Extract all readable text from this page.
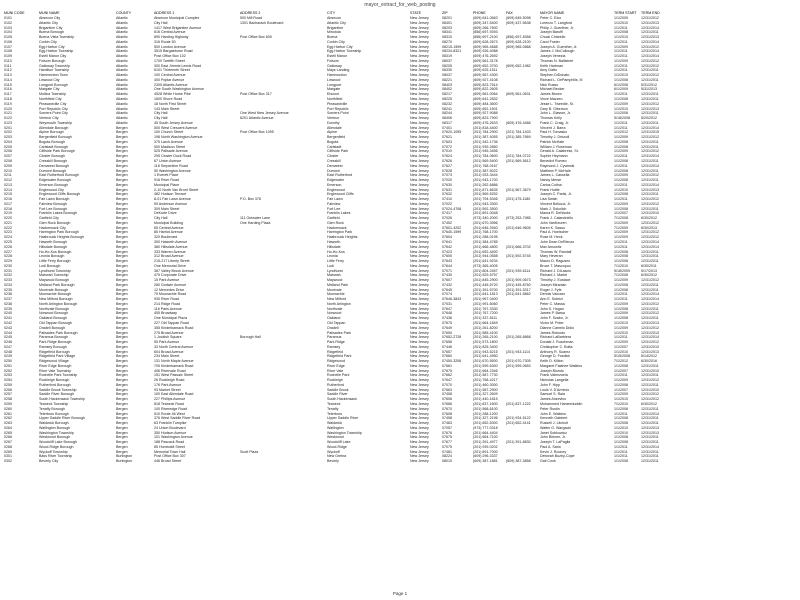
mayor_extract_for_web_posting
MUNI CODE	MUNI NAME	COUNTY	ADDRESS 1	ADDRESS 2	CITY	STATE	ZIP	PHONE	FAX	MAYOR NAME	TERM START	TERM END
0101	Absecon City	Atlantic	Absecon Municipal Complex	500 Mill Road	Absecon	New Jersey	08201	(609) 641-0663	(609) 645-5098	Peter C. Elco	1/1/2005	12/31/2012
0102	Atlantic City	Atlantic	City Hall	1301 Bacharach Boulevard	Atlantic City	New Jersey	08401	(609) 347-5400	(609) 437-5638	Lorenzo T. Langford	1/1/2010	12/31/2013
0103	Brigantine City	Atlantic	1417 West Brigantine Avenue		Brigantine	New Jersey	08203	(609) 266-7600		Philip J. Guenther, Jr.	1/1/2011	12/31/2014
0104	Buena Borough	Atlantic	616 Central Avenue		Minotola	New Jersey	08341	(856) 697-9393		Joseph Baruffi	1/1/2008	12/31/2011
0105	Buena Vista Township	Atlantic	890 Harding Highway	Post Office Box 605	Buena	New Jersey	08310	(856) 697-2100	(856) 697-8358	Chuck Chiarello	1/1/2010	12/31/2013
0106	Corbin City	Atlantic	316 Route 50		Corbin City	New Jersey	08270	(609) 628-2673	(609) 628-2100	Carol Foster	1/1/2011	12/31/2014
0107	Egg Harbor City	Atlantic	500 London Avenue		Egg Harbor City	New Jersey	08215-1599	(609) 965-4688	(609) 965-0868	Joseph A. Guenther, Jr.	1/1/2009	12/31/2012
0108	Egg Harbor Township	Atlantic	3515 Bargaintown Road		Egg Harbor Township	New Jersey	08234-8321	(609) 926-4088		James J. McCullough	1/1/2011	12/31/2014
0109	Estell Manor City	Atlantic	Post Office Box 102		Estell Manor	New Jersey	08319	(609) 476-2692		Joseph Venezia	1/1/2011	12/31/2014
0110	Folsom Borough	Atlantic	1700 Twelfth Street		Folsom	New Jersey	08037	(609) 561-3178		Thomas N. Ballistreri	1/1/2009	12/31/2012
0111	Galloway Township	Atlantic	300 East Jimmie Leeds Road		Galloway	New Jersey	08205	(609) 652-3700	(609) 652-1982	Keith Hartman	1/1/2011	12/31/2012
0112	Hamilton Township	Atlantic	6101 Thirteenth Street		Mays Landing	New Jersey	08330	(609) 625-1511		Amy Gatto	1/1/2011	12/31/2011
0113	Hammonton Town	Atlantic	100 Central Avenue		Hammonton	New Jersey	08037	(609) 567-4300		Stephen DiDonato	1/1/2010	12/31/2012
0114	Linwood City	Atlantic	400 Poplar Avenue		Linwood	New Jersey	08221	(609) 927-4108		Richard L. DePamphilis, III	1/1/2008	12/31/2011
0115	Longport Borough	Atlantic	2305 Atlantic Avenue		Longport	New Jersey	08403	(609) 823-7514		Nick Russo	6/1/2008	5/31/2012
0116	Margate City	Atlantic	One South Washington Avenue		Margate	New Jersey	08402	(609) 822-2605		Michael Becker	6/1/2009	5/31/2013
0117	Mullica Township	Atlantic	4528 White Horse Pike	Post Office Box 317	Elwood	New Jersey	08217	(609) 561-0064	(609) 561-0631	James Brown	1/1/2011	12/31/2011
0118	Northfield City	Atlantic	1600 Shore Road		Northfield	New Jersey	08225	(609) 641-2832		Vince Mazzeo	1/1/2008	12/31/2011
0119	Pleasantville City	Atlantic	18 North First Street		Pleasantville	New Jersey	08232	(609) 484-3600		Jesse L. Tweedle, Sr.	1/1/2009	12/31/2012
0120	Port Republic City	Atlantic	143 Main Street		Port Republic	New Jersey	08241	(609) 652-1501		Gary B. Giberson	1/1/2010	12/31/2013
0121	Somers Point City	Atlantic	City Hall	One West New Jersey Avenue	Somers Point	New Jersey	08244	(609) 927-9088		John L. Glasser, Jr.	1/1/2008	12/31/2011
0122	Ventnor City	Atlantic	City Hall	6201 Atlantic Avenue	Ventnor	New Jersey	08406	(609) 823-7900		Thomas Kelly	5/18/2008	5/20/2012
0123	Weymouth Township	Atlantic	45 South Jersey Avenue		Dorothy	New Jersey	08317	(609) 476-2633	(609) 476-4466	Frank C. Craig, Jr.	1/1/2011	12/31/2011
0201	Allendale Borough	Bergen	500 West Crescent Avenue		Allendale	New Jersey	07401	(201) 818-4400		Vincent J. Barra	1/1/2011	12/31/2014
0202	Alpine Borough	Bergen	100 Church Street	Post Office Box 1095	Alpine	New Jersey	07620-1095	(201) 784-2900	(201) 784-1403	Paul H. Tomasko	1/1/2012	12/31/2015
0203	Bergenfield Borough	Bergen	198 North Washington Avenue		Bergenfield	New Jersey	07621	(201) 387-4055	(201) 385-7669	Timothy J. Driscoll	1/1/2009	12/31/2012
0204	Bogota Borough	Bergen	375 Larch Avenue		Bogota	New Jersey	07603	(201) 342-1736		Patrick McHale	1/1/2008	12/31/2011
0205	Carlstadt Borough	Bergen	500 Madison Street		Carlstadt	New Jersey	07072	(201) 939-2850		William J. Roseman	1/1/2008	12/31/2011
0206	Cliffside Park Borough	Bergen	525 Palisade Avenue		Cliffside Park	New Jersey	07010	(201) 945-3456		Gerald A. Calabrese, Sr.	1/1/2009	12/31/2012
0207	Closter Borough	Bergen	295 Closter Dock Road		Closter	New Jersey	07624	(201) 784-0600	(201) 784-0722	Sophie Heymann	1/1/2011	12/31/2014
0208	Cresskill Borough	Bergen	67 Union Avenue		Cresskill	New Jersey	07626	(201) 569-5400	(201) 569-5612	Benedict Romeo	1/1/2008	12/31/2011
0209	Demarest Borough	Bergen	118 Serpentine Road		Demarest	New Jersey	07627	(201) 768-0167		Raymond J. Cywinski	1/1/2011	12/31/2014
0210	Dumont Borough	Bergen	50 Washington Avenue		Dumont	New Jersey	07628	(201) 387-5022		Matthew P. McHale	1/1/2008	12/31/2011
0211	East Rutherford Borough	Bergen	1 Everett Place		East Rutherford	New Jersey	07073	(201) 933-3444		James L. Cassella	1/1/2009	12/31/2012
0212	Edgewater Borough	Bergen	916 River Road		Edgewater	New Jersey	07020	(201) 943-1700		Nancy Merse	1/1/2008	12/31/2011
0213	Emerson Borough	Bergen	Municipal Place		Emerson	New Jersey	07630	(201) 262-6886		Carlos Colina	1/1/2011	12/31/2014
0214	Englewood City	Bergen	2-10 North Van Brunt Street		Englewood	New Jersey	07631	(201) 871-6635	(201) 567-3679	Frank Huttle	1/1/2010	12/31/2013
0215	Englewood Cliffs Borough	Bergen	482 Hudson Terrace		Englewood Cliffs	New Jersey	07632	(201) 569-5252		Joseph C. Parisi, Jr.	1/1/2008	12/31/2011
0216	Fair Lawn Borough	Bergen	8-01 Fair Lawn Avenue	P.O. Box 378	Fair Lawn	New Jersey	07410	(201) 794-5346	(201) 475-1180	Lisa Swain	1/1/2011	12/31/2012
0217	Fairview Borough	Bergen	59 Anderson Avenue		Fairview	New Jersey	07022	(201) 943-3300		Vincent Bellucci, Jr.	1/1/2009	12/31/2012
0218	Fort Lee Borough	Bergen	309 Main Street		Fort Lee	New Jersey	07024-4708	(201) 592-3500		Mark J. Sokolich	1/1/2008	12/31/2011
0219	Franklin Lakes Borough	Bergen	DeKorte Drive		Franklin Lakes	New Jersey	07417	(201) 891-0048		Maura R. DeNicola	1/1/2007	12/31/2010
0220	Garfield City	Bergen	City Hall	111 Outwater Lane	Garfield	New Jersey	07026	(973) 340-2000	(973) 253-7985	Frank J. Calandriello	7/1/2008	6/30/2012
0221	Glen Rock Borough	Bergen	Municipal Building	One Harding Plaza	Glen Rock	New Jersey	07452	(201) 670-3956		John VanKeuren	1/1/2009	12/31/2012
0222	Hackensack City	Bergen	65 Central Avenue		Hackensack	New Jersey	07601-4202	(201) 646-3940	(201) 646-9605	Karen K. Sasso	7/1/2009	6/30/2013
0223	Harrington Park Borough	Bergen	85 Harriot Avenue		Harrington Park	New Jersey	07640-1599	(201) 768-1700		Paul A. Hoelscher	1/1/2009	12/31/2012
0224	Hasbrouck Heights Borough	Bergen	320 Boulevard		Hasbrouck Heights	New Jersey	07604	(201) 288-0195		Rose M. Heck	1/1/2009	12/31/2012
0225	Haworth Borough	Bergen	300 Haworth Avenue		Haworth	New Jersey	07641	(201) 384-4785		John Dean DeRienzo	1/1/2011	12/31/2014
0226	Hillsdale Borough	Bergen	380 Hillsdale Avenue		Hillsdale	New Jersey	07642	(201) 666-4800	(201) 666-3702	Max Arnowitz	1/1/2011	12/31/2014
0227	Ho-Ho-Kus Borough	Bergen	333 Warren Avenue		Ho-Ho-Kus	New Jersey	07423	(201) 652-4400		Thomas W. Randall	1/1/2008	12/31/2011
0228	Leonia Borough	Bergen	312 Broad Avenue		Leonia	New Jersey	07605	(201) 944-0558	(201) 592-5745	Mary Heveran	1/1/2008	12/31/2011
0229	Little Ferry Borough	Bergen	215-217 Liberty Street		Little Ferry	New Jersey	07643	(201) 641-9234		Mauro D. Raguseo	1/1/2008	12/31/2011
0230	Lodi Borough	Bergen	One Memorial Drive		Lodi	New Jersey	07644	(973) 365-4005		Bruce T. Mascopoo	7/1/2010	6/30/2011
0231	Lyndhurst Township	Bergen	367 Valley Brook Avenue		Lyndhurst	New Jersey	07071	(201) 804-2457	(201) 939-6114	Richard J. DiLascio	5/18/2009	5/17/2013
0232	Mahwah Township	Bergen	475 Corporate Drive		Mahwah	New Jersey	07430	(201) 529-5757		Richard J. Martel	7/1/2008	6/30/2012
0233	Maywood Borough	Bergen	15 Park Avenue		Maywood	New Jersey	07607	(201) 845-2900	(201) 909-0673	Timothy J. Eustace	1/1/2009	12/31/2012
0234	Midland Park Borough	Bergen	280 Godwin Avenue		Midland Park	New Jersey	07432	(201) 445-5720	(201) 445-8760	Joseph Miranian	1/1/2008	12/31/2011
0235	Montvale Borough	Bergen	12 Mercedes Drive		Montvale	New Jersey	07645	(201) 391-5700	(201) 391-5317	Roger J. Fyfe	1/1/2008	12/31/2011
0236	Moonachie Borough	Bergen	70 Moonachie Road		Moonachie	New Jersey	07074	(201) 641-1813	(201) 641-5862	Dennis Vaccaro	1/1/2011	12/31/2014
0237	New Milford Borough	Bergen	930 River Road		New Milford	New Jersey	07646-3843	(201) 967-0400		Ann E. Subrizi	1/1/2011	12/31/2014
0238	North Arlington Borough	Bergen	214 Ridge Road		North Arlington	New Jersey	07031	(201) 991-6060		Peter C. Massa	1/1/2009	12/31/2012
0239	Northvale Borough	Bergen	116 Paris Avenue		Northvale	New Jersey	07647	(201) 767-3330		John S. Hogan	1/1/2008	12/31/2011
0240	Norwood Borough	Bergen	455 Broadway		Norwood	New Jersey	07648	(201) 767-7200		James P. Barsa	1/1/2009	12/31/2012
0241	Oakland Borough	Bergen	One Municipal Plaza		Oakland	New Jersey	07436	(201) 337-8111		John F. Szabo, Jr.	1/1/2008	12/31/2011
0242	Old Tappan Borough	Bergen	227 Old Tappan Road		Old Tappan	New Jersey	07675	(201) 664-1849		Victor M. Poter	1/1/2010	12/31/2013
0243	Oradell Borough	Bergen	355 Kinderkamack Road		Oradell	New Jersey	07649	(201) 261-8200		Dianne Camelo Didio	1/1/2009	12/31/2012
0244	Palisades Park Borough	Bergen	275 Broad Avenue		Palisades Park	New Jersey	07650	(201) 585-4100		James Rotundo	1/1/2010	12/31/2013
0245	Paramus Borough	Bergen	1 Jockish Square	Borough Hall	Paramus	New Jersey	07652-2728	(201) 265-2100	(201) 265-6868	Richard LaBarbiera	1/1/2011	12/31/2014
0246	Park Ridge Borough	Bergen	55 Park Avenue		Park Ridge	New Jersey	07656	(201) 573-1800		Donald J. Ruschman	1/1/2009	12/31/2012
0247	Ramsey Borough	Bergen	33 North Central Avenue		Ramsey	New Jersey	07446	(201) 825-3400		Christopher C. Botta	1/1/2007	12/31/2010
0248	Ridgefield Borough	Bergen	604 Broad Avenue		Ridgefield	New Jersey	07657	(201) 943-5215	(201) 943-1114	Anthony R. Suarez	1/1/2010	12/31/2013
0249	Ridgefield Park Village	Bergen	234 Main Street		Ridgefield Park	New Jersey	07660	(201) 641-4950		George D. Fosdick	5/15/2008	5/14/2012
0250	Ridgewood Village	Bergen	131 North Maple Avenue		Ridgewood	New Jersey	07450-3206	(201) 670-5500	(201) 670-7305	Keith D. Killion	7/1/2012	6/30/2016
0251	River Edge Borough	Bergen	705 Kinderkamack Road		River Edge	New Jersey	07661	(201) 599-6300	(201) 599-0653	Margaret Falahee Watkins	1/1/2008	12/31/2011
0252	River Vale Township	Bergen	406 Rivervale Road		River Vale	New Jersey	07675	(201) 664-2346		Joseph Blundo	1/1/2007	12/31/2010
0253	Rochelle Park Township	Bergen	151 West Passaic Street		Rochelle Park	New Jersey	07662	(201) 587-7730		Frank Valenzuela	1/1/2011	12/31/2011
0254	Rockleigh Borough	Bergen	26 Rockleigh Road		Rockleigh	New Jersey	07647	(201) 768-4217		Nicholas Langella	1/1/2009	12/31/2012
0255	Rutherford Borough	Bergen	176 Park Avenue		Rutherford	New Jersey	07070	(201) 460-3000		John F. Hipp	1/1/2008	12/31/2011
0256	Saddle Brook Township	Bergen	93 Market Street		Saddle Brook	New Jersey	07663	(201) 587-2900		Louis V. D'Arminio	1/1/2007	12/31/2010
0257	Saddle River Borough	Bergen	100 East Allendale Road		Saddle River	New Jersey	07458	(201) 327-2609		Samuel S. Raia	1/1/2009	12/31/2012
0258	South Hackensack Township	Bergen	227 Phillips Avenue		South Hackensack	New Jersey	07606	(201) 440-1815		James Anzevino	1/1/2010	12/31/2012
0259	Teaneck Township	Bergen	818 Teaneck Road		Teaneck	New Jersey	07666	(201) 837-1600	(201) 837-1222	Mohammed Hameeduddin	7/1/2010	6/30/2012
0260	Tenafly Borough	Bergen	100 Riveredge Road		Tenafly	New Jersey	07670	(201) 568-6100		Peter Rustin	1/1/2008	12/31/2011
0261	Teterboro Borough	Bergen	510 Route 46 West		Teterboro	New Jersey	07608	(201) 288-1200		John E. Watkins	1/1/2011	12/31/2014
0262	Upper Saddle River Borough	Bergen	376 West Saddle River Road		Upper Saddle River	New Jersey	07458	(201) 327-2196	(201) 934-5122	Kenneth Gabbert	1/1/2008	12/31/2011
0263	Waldwick Borough	Bergen	63 Franklin Turnpike		Waldwick	New Jersey	07463	(201) 652-5300	(201) 652-4141	Russell J. Litchult	1/1/2008	12/31/2011
0264	Wallington Borough	Bergen	24 Union Boulevard		Wallington	New Jersey	07057	(973) 777-0318		Walter G. Wargacki	1/1/2010	12/31/2013
0265	Washington Township	Bergen	350 Hudson Avenue		Washington Township	New Jersey	07676	(201) 664-4404		Janet Sobkowicz	1/1/2010	12/31/2013
0266	Westwood Borough	Bergen	101 Washington Avenue		Westwood	New Jersey	07675	(201) 664-7100		John Birkner, Jr.	1/1/2008	12/31/2011
0267	Woodcliff Lake Borough	Bergen	188 Pascack Road		Woodcliff Lake	New Jersey	07677	(201) 391-4977	(201) 391-8830	Joseph T. LaPaglia	1/1/2008	12/31/2011
0268	Wood-Ridge Borough	Bergen	85 Humboldt Street		Wood-Ridge	New Jersey	07075	(201) 939-0202		Paul A. Sarlo	1/1/2011	12/31/2014
0269	Wyckoff Township	Bergen	Memorial Town Hall	Scott Plaza	Wyckoff	New Jersey	07481	(201) 891-7000		Kevin J. Rooney	1/1/2011	12/31/2011
0301	Bass River Township	Burlington	Post Office Box 307		New Gretna	New Jersey	08224	(609) 296-3337		Deborah Buzby-Cope	1/1/2011	12/31/2011
0302	Beverly City	Burlington	446 Broad Street		Beverly	New Jersey	08010	(609) 387-1881	(609) 387-3858	Gail Cook	1/1/2008	12/31/2011
Page 1
